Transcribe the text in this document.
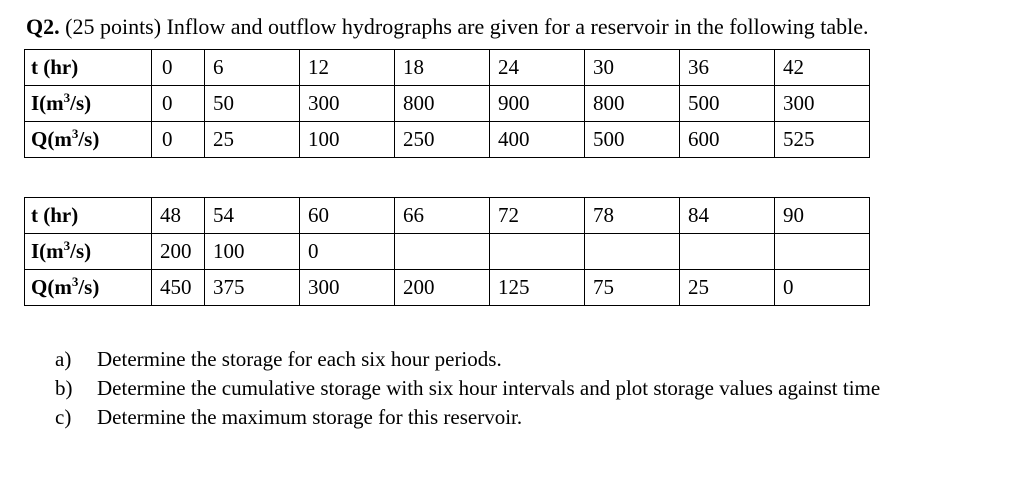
Q2. (25 points) Inflow and outflow hydrographs are given for a reservoir in the following table.
t (hr)	0	6	12	18	24	30	36	42
$I(m^3/s)$	0	50	300	800	900	800	500	300
$Q(m^3/s)$	0	25	100	250	400	500	600	525
t (hr)	48	54	60	66	72	78	84	90
$I(m^3/s)$	200	100	0					
$Q(m^3/s)$	450	375	300	200	125	75	25	0
a)	Determine the storage for each six hour periods.
b)	Determine the cumulative storage with six hour intervals and plot storage values against time
c)	Determine the maximum storage for this reservoir.
